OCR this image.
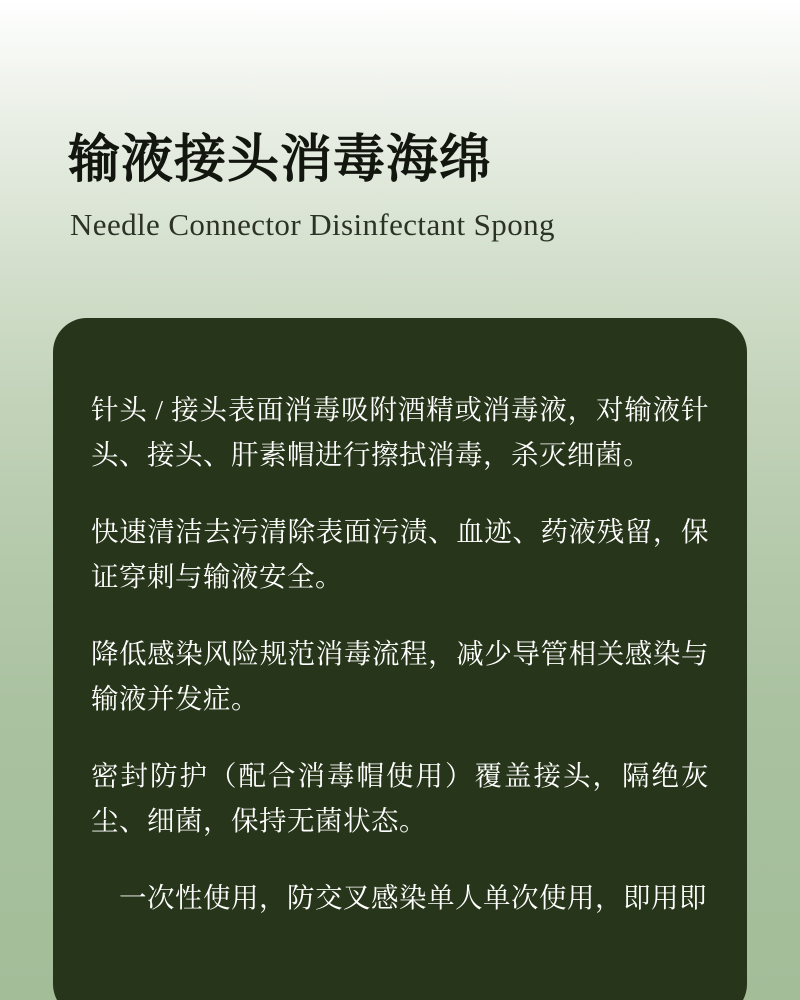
输液接头消毒海绵
Needle Connector Disinfectant Spong

针头 / 接头表面消毒吸附酒精或消毒液，对输液针头、接头、肝素帽进行擦拭消毒，杀灭细菌。

快速清洁去污清除表面污渍、血迹、药液残留，保证穿刺与输液安全。

降低感染风险规范消毒流程，减少导管相关感染与输液并发症。

密封防护（配合消毒帽使用）覆盖接头，隔绝灰尘、细菌，保持无菌状态。

一次性使用，防交叉感染单人单次使用，即用即
